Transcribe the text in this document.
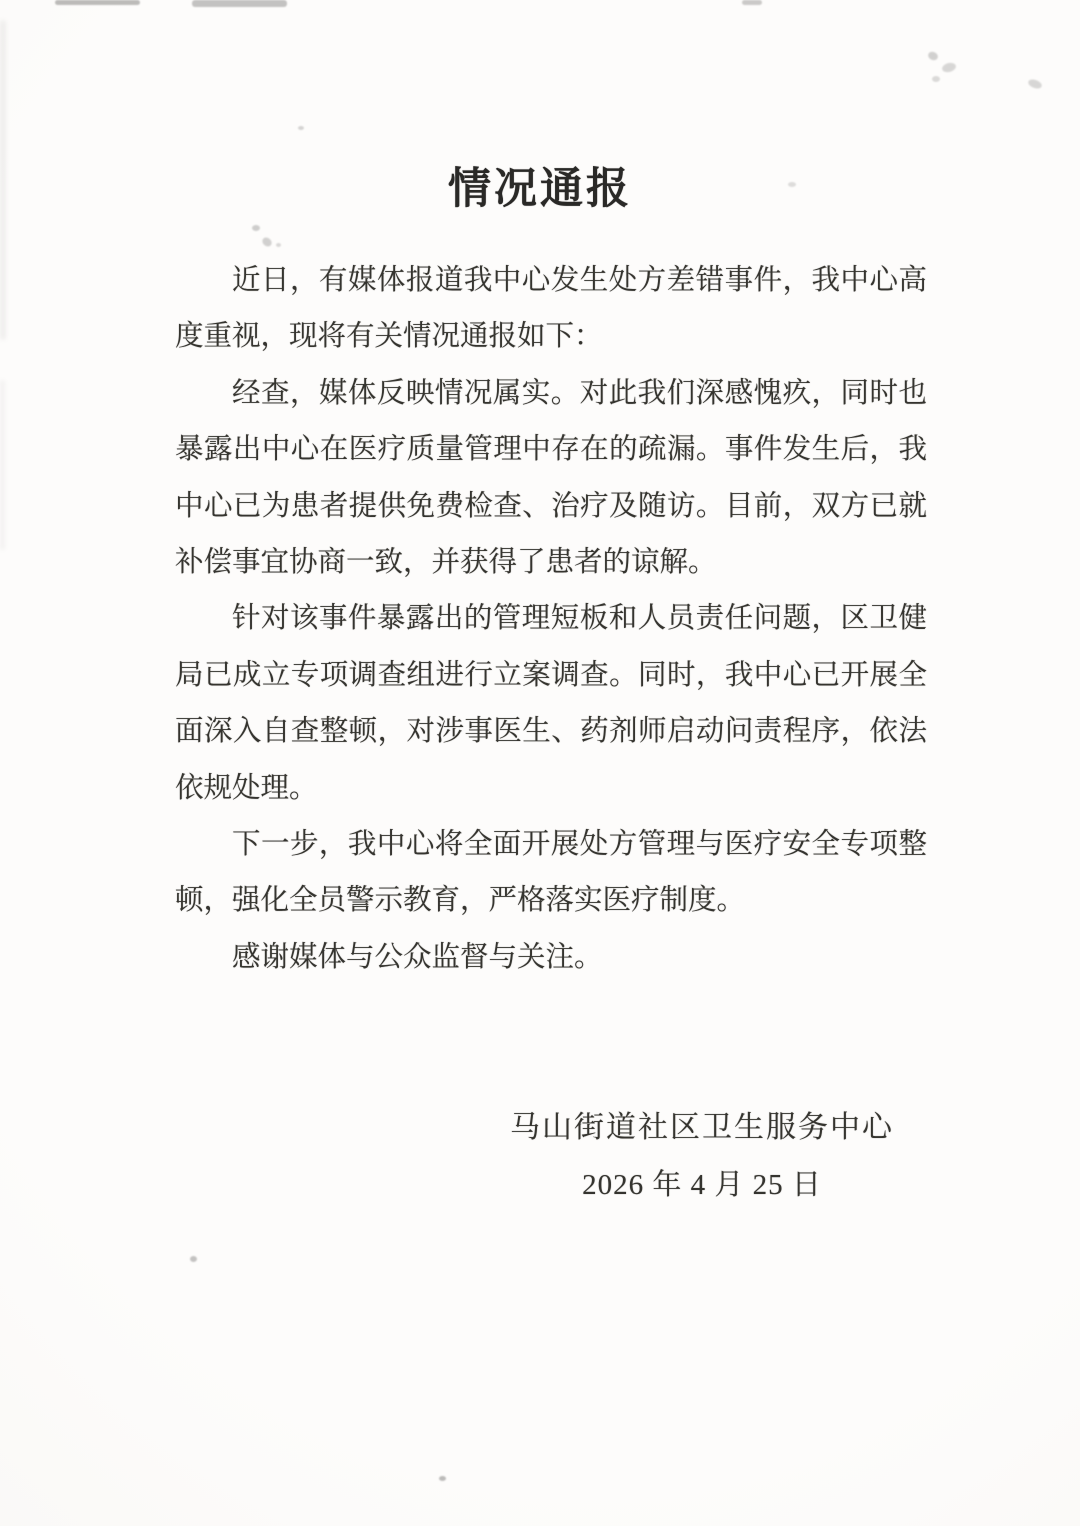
情况通报
近日，有媒体报道我中心发生处方差错事件，我中心高
度重视，现将有关情况通报如下：
经查，媒体反映情况属实。对此我们深感愧疚，同时也
暴露出中心在医疗质量管理中存在的疏漏。事件发生后，我
中心已为患者提供免费检查、治疗及随访。目前，双方已就
补偿事宜协商一致，并获得了患者的谅解。
针对该事件暴露出的管理短板和人员责任问题，区卫健
局已成立专项调查组进行立案调查。同时，我中心已开展全
面深入自查整顿，对涉事医生、药剂师启动问责程序，依法
依规处理。
下一步，我中心将全面开展处方管理与医疗安全专项整
顿，强化全员警示教育，严格落实医疗制度。
感谢媒体与公众监督与关注。
马山街道社区卫生服务中心
2026 年 4 月 25 日
